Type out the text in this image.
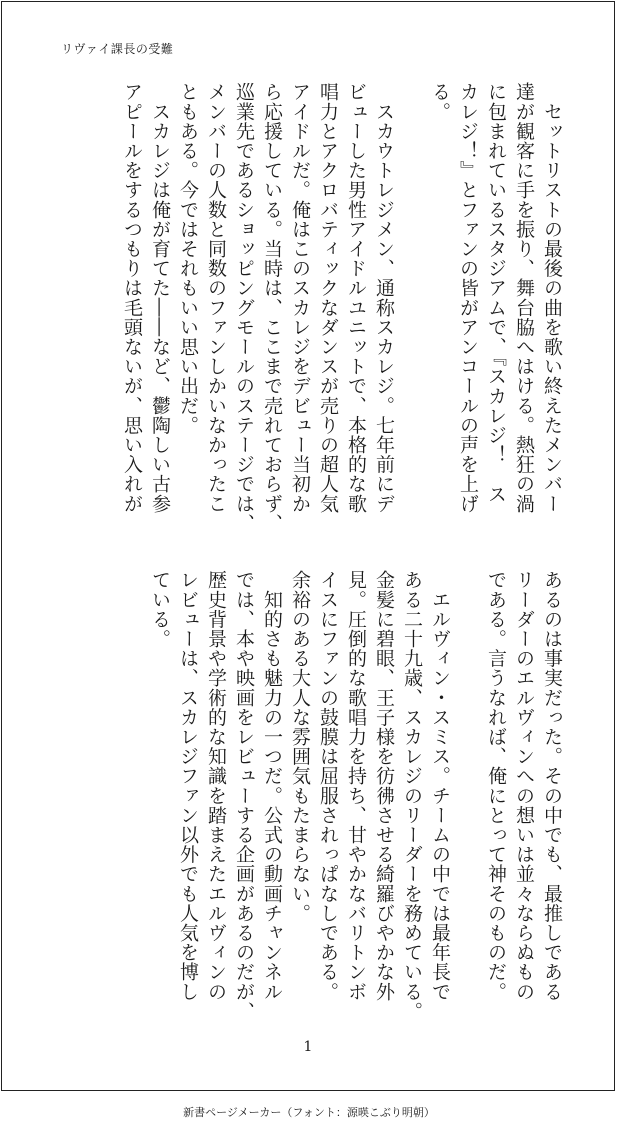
リヴァイ課長の受難
　セットリストの最後の曲を歌い終えたメンバー
達が観客に手を振り、舞台脇へはける。熱狂の渦
に包まれているスタジアムで、『スカレジ！　ス
カレジ！』とファンの皆がアンコールの声を上げ
る。

　スカウトレジメン、通称スカレジ。七年前にデ
ビューした男性アイドルユニットで、本格的な歌
唱力とアクロバティックなダンスが売りの超人気
アイドルだ。俺はこのスカレジをデビュー当初か
ら応援している。当時は、ここまで売れておらず、
巡業先であるショッピングモールのステージでは、
メンバーの人数と同数のファンしかいなかったこ
ともある。今ではそれもいい思い出だ。
　スカレジは俺が育てた――など、鬱陶しい古参
アピールをするつもりは毛頭ないが、思い入れが
あるのは事実だった。その中でも、最推しである
リーダーのエルヴィンへの想いは並々ならぬもの
である。言うなれば、俺にとって神そのものだ。

　エルヴィン・スミス。チームの中では最年長で
ある二十九歳、スカレジのリーダーを務めている。
金髪に碧眼、王子様を彷彿させる綺羅びやかな外
見。圧倒的な歌唱力を持ち、甘やかなバリトンボ
イスにファンの鼓膜は屈服されっぱなしである。
余裕のある大人な雰囲気もたまらない。
　知的さも魅力の一つだ。公式の動画チャンネル
では、本や映画をレビューする企画があるのだが、
歴史背景や学術的な知識を踏まえたエルヴィンの
レビューは、スカレジファン以外でも人気を博し
ている。
1
新書ページメーカー（フォント：源暎こぶり明朝）
